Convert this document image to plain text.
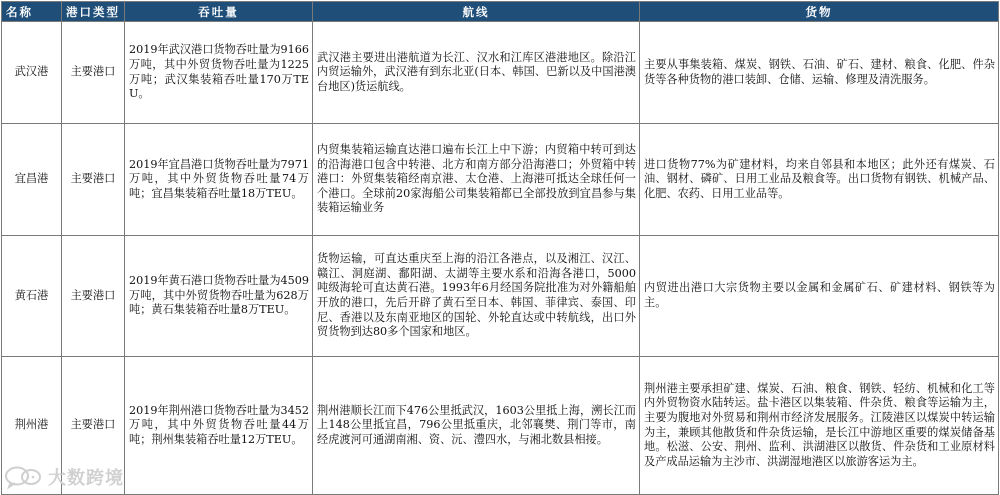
名称	港口类型	吞吐量	航线	货物
武汉港	主要港口	2019年武汉港口货物吞吐量为9166万吨，其中外贸货物吞吐量为1225万吨；武汉集装箱吞吐量170万TEU。	武汉港主要进出港航道为长江、汉水和江库区港港地区。除沿江内贸运输外，武汉港有到东北亚(日本、韩国、巴新以及中国港澳台地区)货运航线。	主要从事集装箱、煤炭、钢铁、石油、矿石、建材、粮食、化肥、件杂货等各种货物的港口装卸、仓储、运输、修理及清洗服务。
宜昌港	主要港口	2019年宜昌港口货物吞吐量为7971万吨，其中外贸货物吞吐量74万吨；宜昌集装箱吞吐量18万TEU。	内贸集装箱运输直达港口遍布长江上中下游；内贸箱中转可到达的沿海港口包含中转港、北方和南方部分沿海港口；外贸箱中转港口：外贸集装箱经南京港、太仓港、上海港可抵达全球任何一个港口。全球前20家海船公司集装箱都已全部投放到宜昌参与集装箱运输业务	进口货物77%为矿建材料，均来自邻县和本地区；此外还有煤炭、石油、钢材、磷矿、日用工业品及粮食等。出口货物有钢铁、机械产品、化肥、农药、日用工业品等。
黄石港	主要港口	2019年黄石港口货物吞吐量为4509万吨，其中外贸货物吞吐量为628万吨；黄石集装箱吞吐量8万TEU。	货物运输，可直达重庆至上海的沿江各港点，以及湘江、汉江、赣江、洞庭湖、鄱阳湖、太湖等主要水系和沿海各港口，5000吨级海轮可直达黄石港。1993年6月经国务院批准为对外籍船舶开放的港口，先后开辟了黄石至日本、韩国、菲律宾、泰国、印尼、香港以及东南亚地区的国轮、外轮直达或中转航线，出口外贸货物到达80多个国家和地区。	内贸进出港口大宗货物主要以金属和金属矿石、矿建材料、钢铁等为主。
荆州港	主要港口	2019年荆州港口货物吞吐量为3452万吨，其中外贸货物吞吐量44万吨；荆州集装箱吞吐量12万TEU。	荆州港顺长江而下476公里抵武汉，1603公里抵上海，溯长江而上148公里抵宜昌，796公里抵重庆，北邻襄樊、荆门等市，南经虎渡河可通湖南湘、资、沅、澧四水，与湘北数县相接。	荆州港主要承担矿建、煤炭、石油、粮食、钢铁、轻纺、机械和化工等内外贸物资水陆转运。盐卡港区以集装箱、件杂货、粮食等运输为主，主要为腹地对外贸易和荆州市经济发展服务。江陵港区以煤炭中转运输为主，兼顾其他散货和件杂货运输，是长江中游地区重要的煤炭储备基地。松滋、公安、荆州、监利、洪湖港区以散货、件杂货和工业原材料及产成品运输为主沙市、洪湖湿地港区以旅游客运为主。
大数跨境
